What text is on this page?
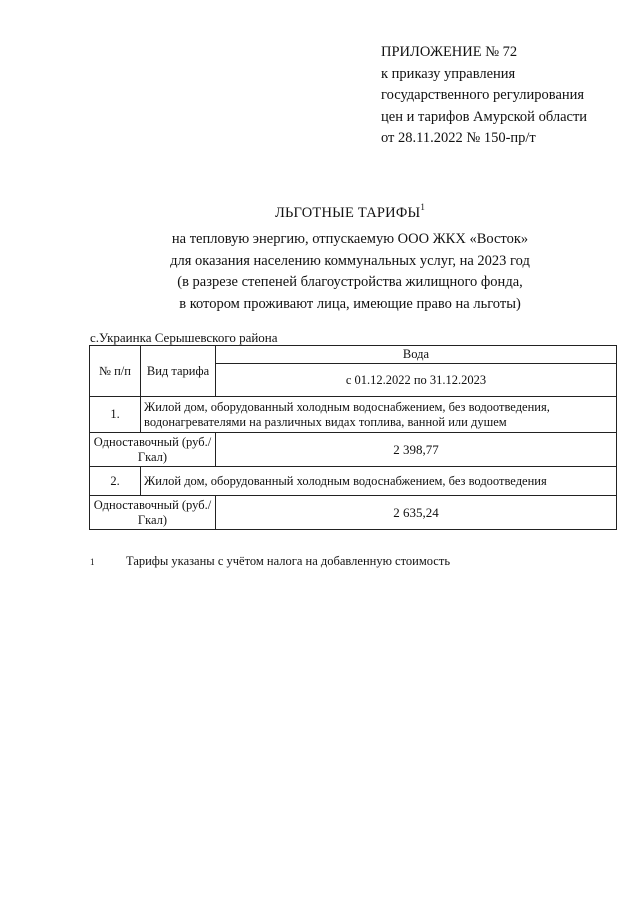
ПРИЛОЖЕНИЕ № 72
к приказу управления
государственного регулирования
цен и тарифов Амурской области
от 28.11.2022 № 150-пр/т
ЛЬГОТНЫЕ ТАРИФЫ$^1$
на тепловую энергию, отпускаемую ООО ЖКХ «Восток»
для оказания населению коммунальных услуг, на 2023 год
(в разрезе степеней благоустройства жилищного фонда,
в котором проживают лица, имеющие право на льготы)
с.Украинка Серышевского района
№ п/п	Вид тарифа	Вода
		с 01.12.2022 по 31.12.2023
1.	Жилой дом, оборудованный холодным водоснабжением, без водоотведения, водонагревателями на различных видах топлива, ванной или душем	
Одноставочный (руб./Гкал)		2 398,77
2.	Жилой дом, оборудованный холодным водоснабжением, без водоотведения	
Одноставочный (руб./Гкал)		2 635,24
1	Тарифы указаны с учётом налога на добавленную стоимость
